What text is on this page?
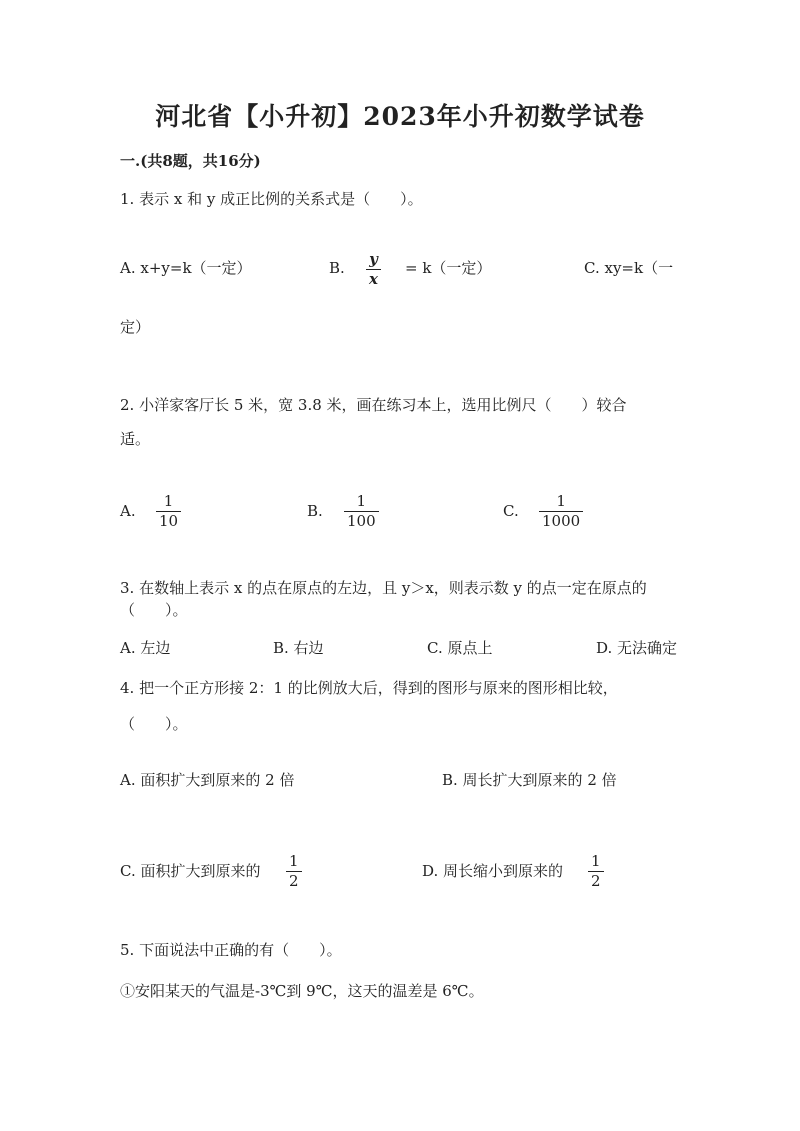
河北省【小升初】2023年小升初数学试卷
一.(共8题，共16分)
1. 表示 x 和 y 成正比例的关系式是（　　）。
A. x+y=k（一定）	B. y
x
= k（一定）	C. xy=k（一
定）
2. 小洋家客厅长 5 米，宽 3.8 米，画在练习本上，选用比例尺（　　）较合
适。
A.
1
10
B.
1
100
C.
1
1000
3. 在数轴上表示 x 的点在原点的左边，且 y＞x，则表示数 y 的点一定在原点的
（　　）。
A. 左边	B. 右边	C. 原点上	D. 无法确定
4. 把一个正方形接 2：1 的比例放大后，得到的图形与原来的图形相比较，
（　　）。
A. 面积扩大到原来的 2 倍	B. 周长扩大到原来的 2 倍
C. 面积扩大到原来的
1
2
D. 周长缩小到原来的
1
2
5. 下面说法中正确的有（　　）。
①安阳某天的气温是-3℃到 9℃，这天的温差是 6℃。
